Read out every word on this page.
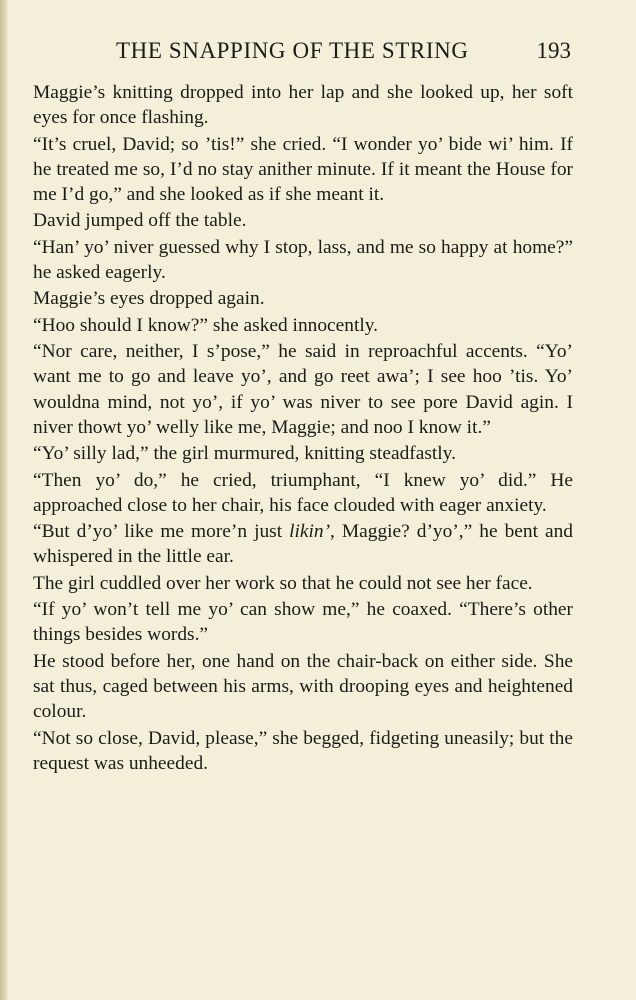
THE SNAPPING OF THE STRING	193

Maggie’s knitting dropped into her lap and she looked up, her soft eyes for once flashing.

“It’s cruel, David; so ’tis!” she cried. “I wonder yo’ bide wi’ him. If he treated me so, I’d no stay anither minute. If it meant the House for me I’d go,” and she looked as if she meant it.

David jumped off the table.

“Han’ yo’ niver guessed why I stop, lass, and me so happy at home?” he asked eagerly.

Maggie’s eyes dropped again.

“Hoo should I know?” she asked innocently.

“Nor care, neither, I s’pose,” he said in reproachful accents. “Yo’ want me to go and leave yo’, and go reet awa’; I see hoo ’tis. Yo’ wouldna mind, not yo’, if yo’ was niver to see pore David agin. I niver thowt yo’ welly like me, Maggie; and noo I know it.”

“Yo’ silly lad,” the girl murmured, knitting steadfastly.

“Then yo’ do,” he cried, triumphant, “I knew yo’ did.” He approached close to her chair, his face clouded with eager anxiety.

“But d’yo’ like me more’n just likin’, Maggie? d’yo’,” he bent and whispered in the little ear.

The girl cuddled over her work so that he could not see her face.

“If yo’ won’t tell me yo’ can show me,” he coaxed. “There’s other things besides words.”

He stood before her, one hand on the chair-back on either side. She sat thus, caged between his arms, with drooping eyes and heightened colour.

“Not so close, David, please,” she begged, fidgeting uneasily; but the request was unheeded.
